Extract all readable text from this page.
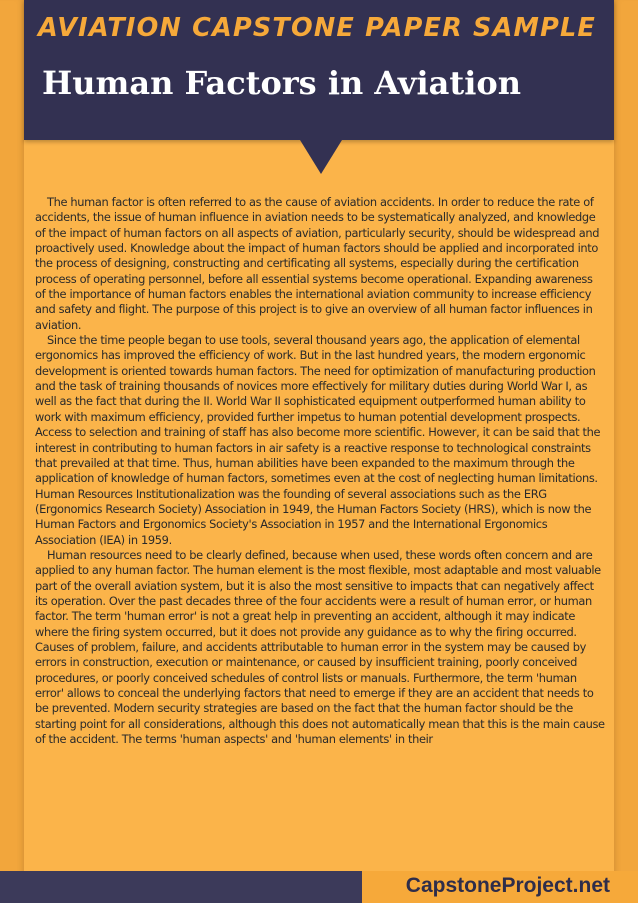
AVIATION CAPSTONE PAPER SAMPLE
Human Factors in Aviation

The human factor is often referred to as the cause of aviation accidents. In order to reduce the rate of accidents, the issue of human influence in aviation needs to be systematically analyzed, and knowledge of the impact of human factors on all aspects of aviation, particularly security, should be widespread and proactively used. Knowledge about the impact of human factors should be applied and incorporated into the process of designing, constructing and certificating all systems, especially during the certification process of operating personnel, before all essential systems become operational. Expanding awareness of the importance of human factors enables the international aviation community to increase efficiency and safety and flight. The purpose of this project is to give an overview of all human factor influences in aviation.

Since the time people began to use tools, several thousand years ago, the application of elemental ergonomics has improved the efficiency of work. But in the last hundred years, the modern ergonomic development is oriented towards human factors. The need for optimization of manufacturing production and the task of training thousands of novices more effectively for military duties during World War I, as well as the fact that during the II. World War II sophisticated equipment outperformed human ability to work with maximum efficiency, provided further impetus to human potential development prospects. Access to selection and training of staff has also become more scientific. However, it can be said that the interest in contributing to human factors in air safety is a reactive response to technological constraints that prevailed at that time. Thus, human abilities have been expanded to the maximum through the application of knowledge of human factors, sometimes even at the cost of neglecting human limitations. Human Resources Institutionalization was the founding of several associations such as the ERG (Ergonomics Research Society) Association in 1949, the Human Factors Society (HRS), which is now the Human Factors and Ergonomics Society's Association in 1957 and the International Ergonomics Association (IEA) in 1959.

Human resources need to be clearly defined, because when used, these words often concern and are applied to any human factor. The human element is the most flexible, most adaptable and most valuable part of the overall aviation system, but it is also the most sensitive to impacts that can negatively affect its operation. Over the past decades three of the four accidents were a result of human error, or human factor. The term 'human error' is not a great help in preventing an accident, although it may indicate where the firing system occurred, but it does not provide any guidance as to why the firing occurred. Causes of problem, failure, and accidents attributable to human error in the system may be caused by errors in construction, execution or maintenance, or caused by insufficient training, poorly conceived procedures, or poorly conceived schedules of control lists or manuals. Furthermore, the term 'human error' allows to conceal the underlying factors that need to emerge if they are an accident that needs to be prevented. Modern security strategies are based on the fact that the human factor should be the starting point for all considerations, although this does not automatically mean that this is the main cause of the accident. The terms 'human aspects' and 'human elements' in their

CapstoneProject.net
